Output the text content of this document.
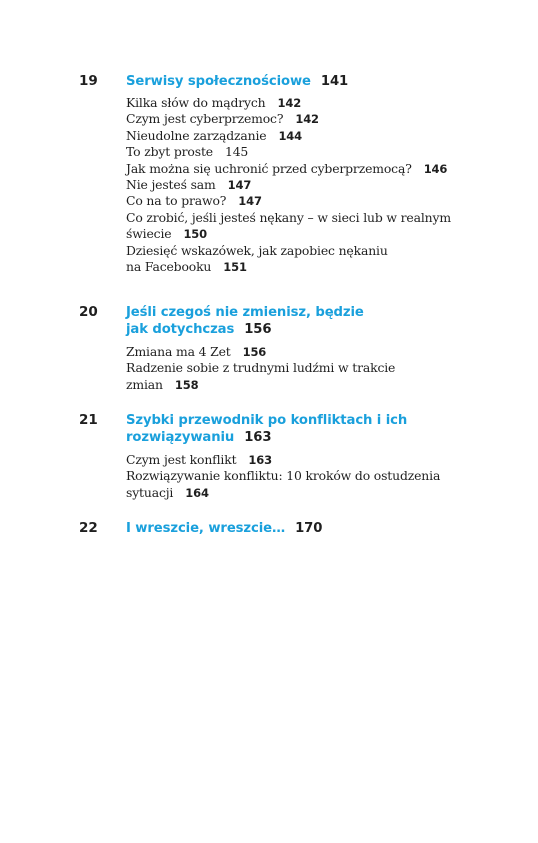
19 Serwisy społecznościowe 141
Kilka słów do mądrych 142
Czym jest cyberprzemoc? 142
Nieudolne zarządzanie 144
To zbyt proste 145
Jak można się uchronić przed cyberprzemocą? 146
Nie jesteś sam 147
Co na to prawo? 147
Co zrobić, jeśli jesteś nękany – w sieci lub w realnym
świecie 150
Dziesięć wskazówek, jak zapobiec nękaniu
na Facebooku 151
20 Jeśli czegoś nie zmienisz, będzie
jak dotychczas 156
Zmiana ma 4 Zet 156
Radzenie sobie z trudnymi ludźmi w trakcie
zmian 158
21 Szybki przewodnik po konfliktach i ich
rozwiązywaniu 163
Czym jest konflikt 163
Rozwiązywanie konfliktu: 10 kroków do ostudzenia
sytuacji 164
22 I wreszcie, wreszcie… 170
